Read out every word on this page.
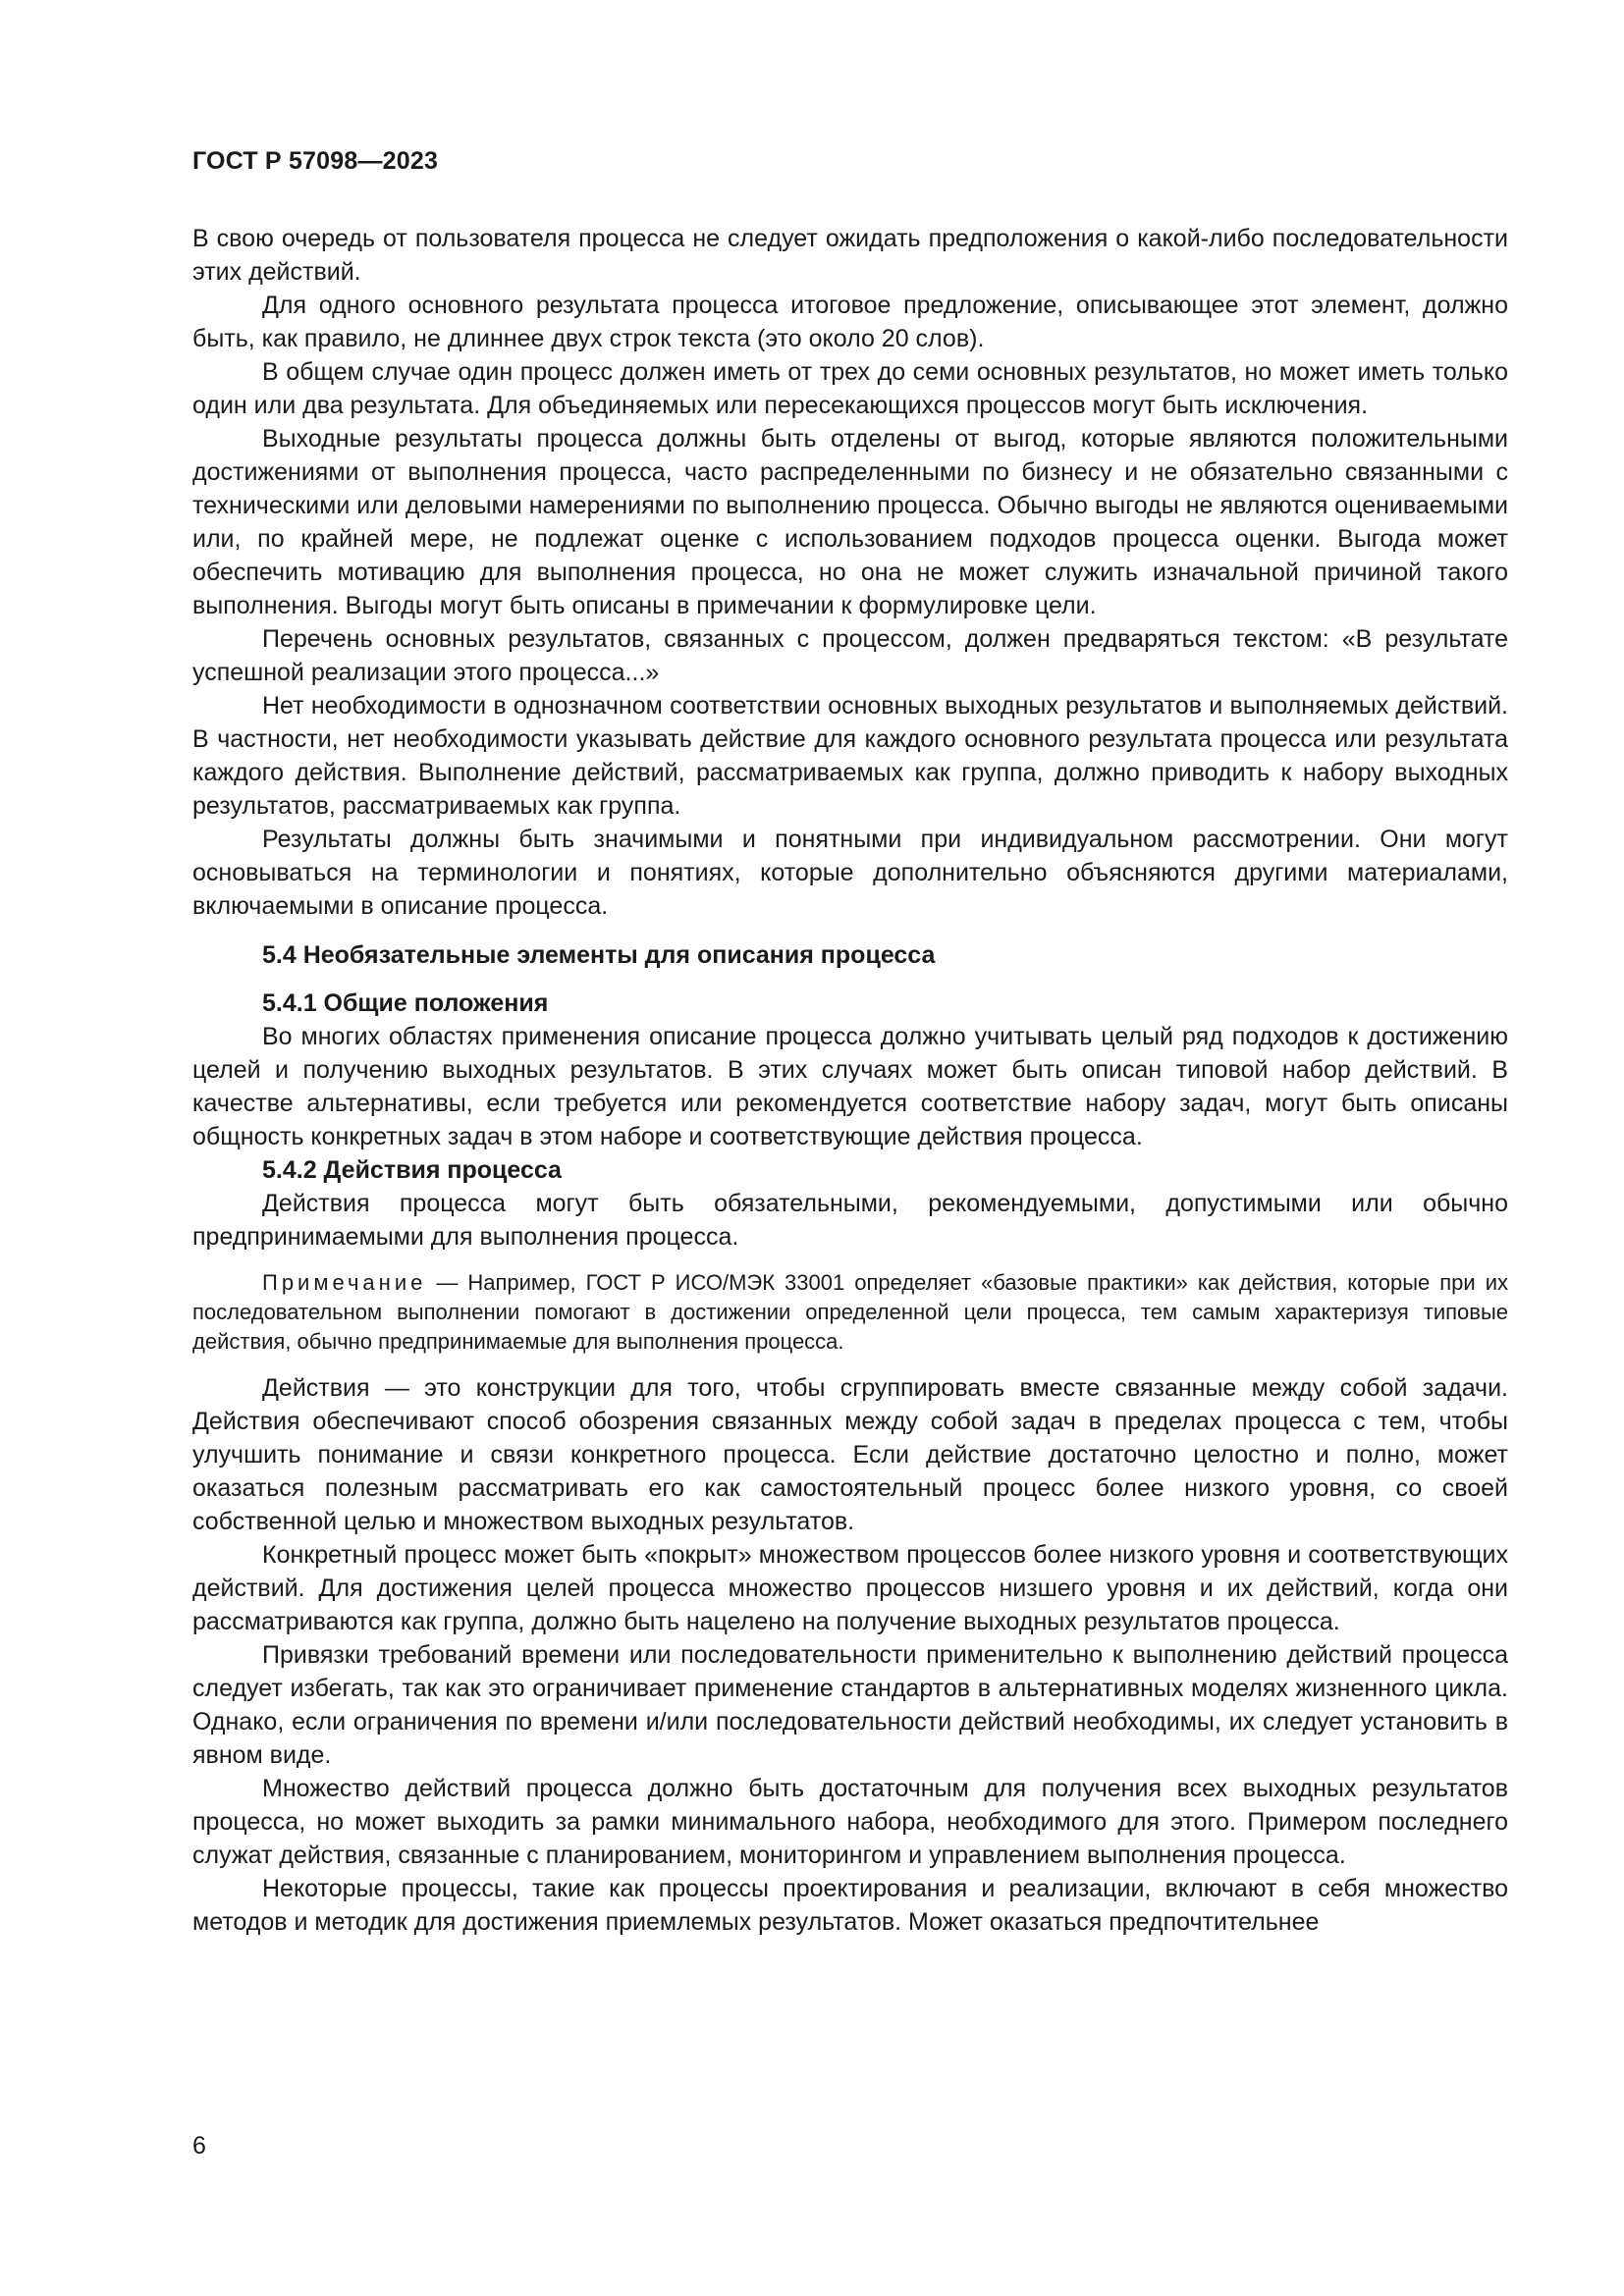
ГОСТ Р 57098—2023

В свою очередь от пользователя процесса не следует ожидать предположения о какой-либо последовательности этих действий.

Для одного основного результата процесса итоговое предложение, описывающее этот элемент, должно быть, как правило, не длиннее двух строк текста (это около 20 слов).

В общем случае один процесс должен иметь от трех до семи основных результатов, но может иметь только один или два результата. Для объединяемых или пересекающихся процессов могут быть исключения.

Выходные результаты процесса должны быть отделены от выгод, которые являются положительными достижениями от выполнения процесса, часто распределенными по бизнесу и не обязательно связанными с техническими или деловыми намерениями по выполнению процесса. Обычно выгоды не являются оцениваемыми или, по крайней мере, не подлежат оценке с использованием подходов процесса оценки. Выгода может обеспечить мотивацию для выполнения процесса, но она не может служить изначальной причиной такого выполнения. Выгоды могут быть описаны в примечании к формулировке цели.

Перечень основных результатов, связанных с процессом, должен предваряться текстом: «В результате успешной реализации этого процесса...»

Нет необходимости в однозначном соответствии основных выходных результатов и выполняемых действий. В частности, нет необходимости указывать действие для каждого основного результата процесса или результата каждого действия. Выполнение действий, рассматриваемых как группа, должно приводить к набору выходных результатов, рассматриваемых как группа.

Результаты должны быть значимыми и понятными при индивидуальном рассмотрении. Они могут основываться на терминологии и понятиях, которые дополнительно объясняются другими материалами, включаемыми в описание процесса.

5.4 Необязательные элементы для описания процесса
5.4.1 Общие положения

Во многих областях применения описание процесса должно учитывать целый ряд подходов к достижению целей и получению выходных результатов. В этих случаях может быть описан типовой набор действий. В качестве альтернативы, если требуется или рекомендуется соответствие набору задач, могут быть описаны общность конкретных задач в этом наборе и соответствующие действия процесса.

5.4.2 Действия процесса

Действия процесса могут быть обязательными, рекомендуемыми, допустимыми или обычно предпринимаемыми для выполнения процесса.

Примечание — Например, ГОСТ Р ИСО/МЭК 33001 определяет «базовые практики» как действия, которые при их последовательном выполнении помогают в достижении определенной цели процесса, тем самым характеризуя типовые действия, обычно предпринимаемые для выполнения процесса.

Действия — это конструкции для того, чтобы сгруппировать вместе связанные между собой задачи. Действия обеспечивают способ обозрения связанных между собой задач в пределах процесса с тем, чтобы улучшить понимание и связи конкретного процесса. Если действие достаточно целостно и полно, может оказаться полезным рассматривать его как самостоятельный процесс более низкого уровня, со своей собственной целью и множеством выходных результатов.

Конкретный процесс может быть «покрыт» множеством процессов более низкого уровня и соответствующих действий. Для достижения целей процесса множество процессов низшего уровня и их действий, когда они рассматриваются как группа, должно быть нацелено на получение выходных результатов процесса.

Привязки требований времени или последовательности применительно к выполнению действий процесса следует избегать, так как это ограничивает применение стандартов в альтернативных моделях жизненного цикла. Однако, если ограничения по времени и/или последовательности действий необходимы, их следует установить в явном виде.

Множество действий процесса должно быть достаточным для получения всех выходных результатов процесса, но может выходить за рамки минимального набора, необходимого для этого. Примером последнего служат действия, связанные с планированием, мониторингом и управлением выполнения процесса.

Некоторые процессы, такие как процессы проектирования и реализации, включают в себя множество методов и методик для достижения приемлемых результатов. Может оказаться предпочтительнее

6
